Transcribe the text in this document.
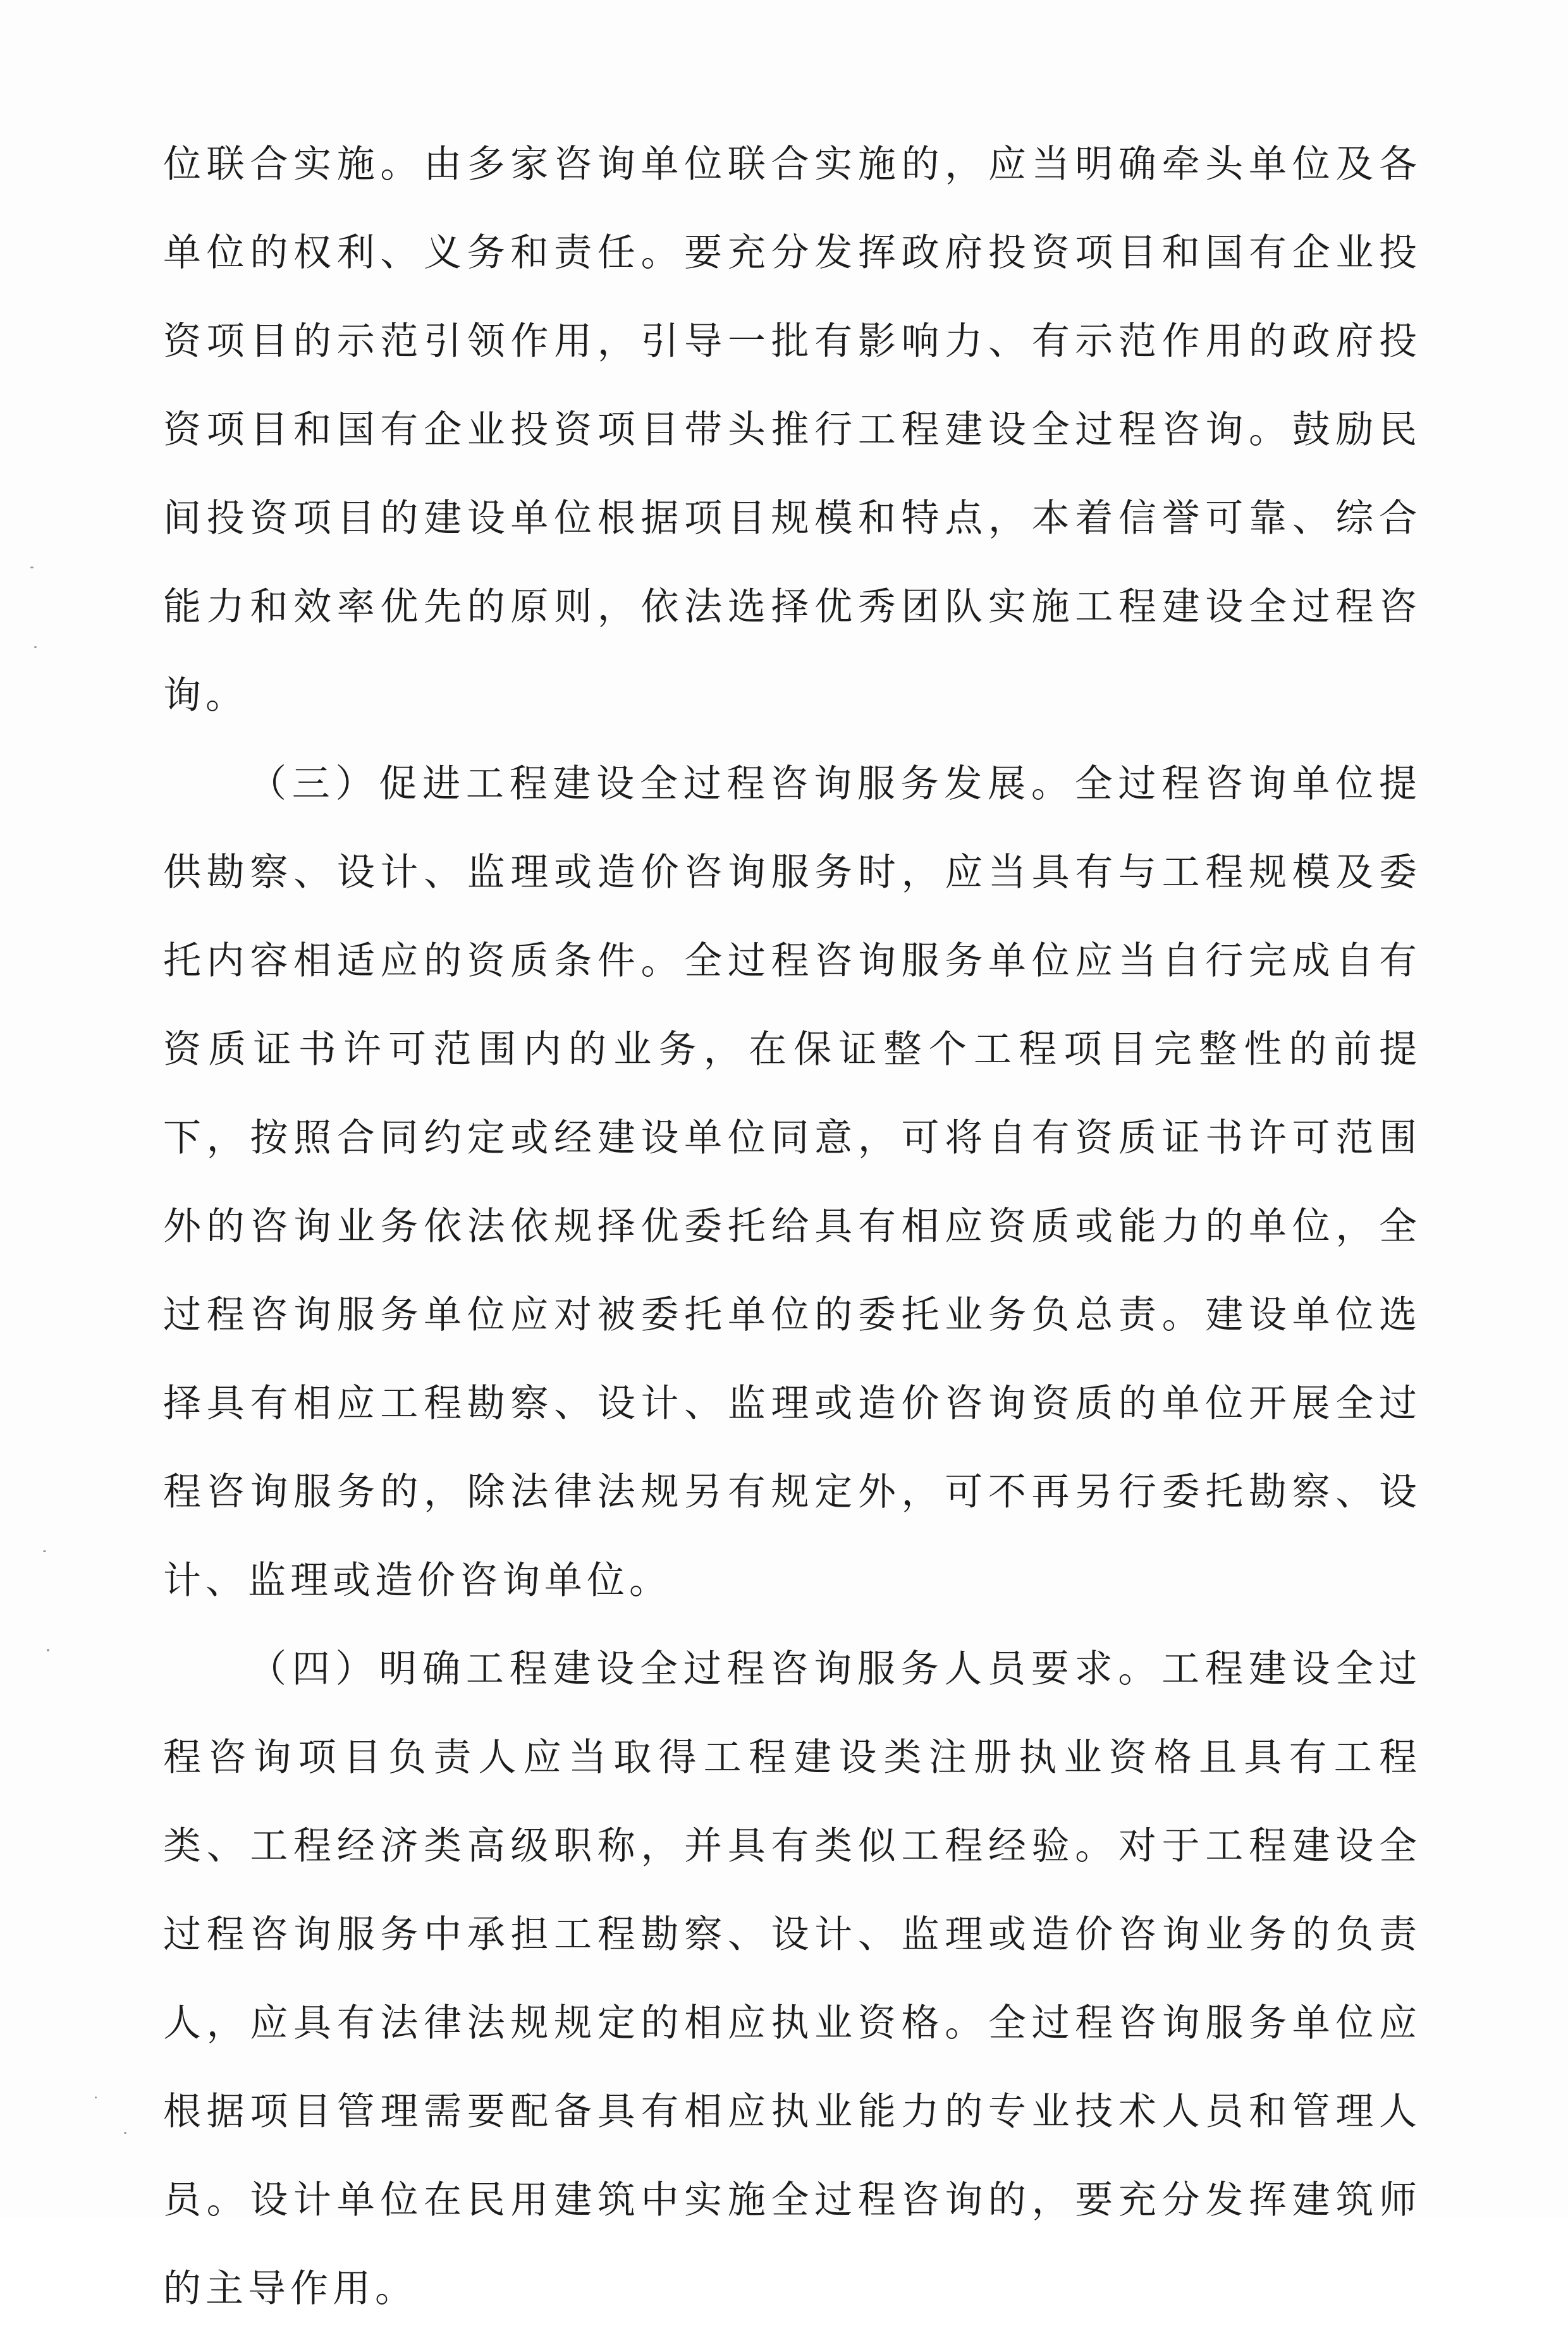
位联合实施。由多家咨询单位联合实施的，应当明确牵头单位及各单位的权利、义务和责任。要充分发挥政府投资项目和国有企业投资项目的示范引领作用，引导一批有影响力、有示范作用的政府投资项目和国有企业投资项目带头推行工程建设全过程咨询。鼓励民间投资项目的建设单位根据项目规模和特点，本着信誉可靠、综合能力和效率优先的原则，依法选择优秀团队实施工程建设全过程咨询。

（三）促进工程建设全过程咨询服务发展。全过程咨询单位提供勘察、设计、监理或造价咨询服务时，应当具有与工程规模及委托内容相适应的资质条件。全过程咨询服务单位应当自行完成自有资质证书许可范围内的业务，在保证整个工程项目完整性的前提下，按照合同约定或经建设单位同意，可将自有资质证书许可范围外的咨询业务依法依规择优委托给具有相应资质或能力的单位，全过程咨询服务单位应对被委托单位的委托业务负总责。建设单位选择具有相应工程勘察、设计、监理或造价咨询资质的单位开展全过程咨询服务的，除法律法规另有规定外，可不再另行委托勘察、设计、监理或造价咨询单位。

（四）明确工程建设全过程咨询服务人员要求。工程建设全过程咨询项目负责人应当取得工程建设类注册执业资格且具有工程类、工程经济类高级职称，并具有类似工程经验。对于工程建设全过程咨询服务中承担工程勘察、设计、监理或造价咨询业务的负责人，应具有法律法规规定的相应执业资格。全过程咨询服务单位应根据项目管理需要配备具有相应执业能力的专业技术人员和管理人员。设计单位在民用建筑中实施全过程咨询的，要充分发挥建筑师的主导作用。
